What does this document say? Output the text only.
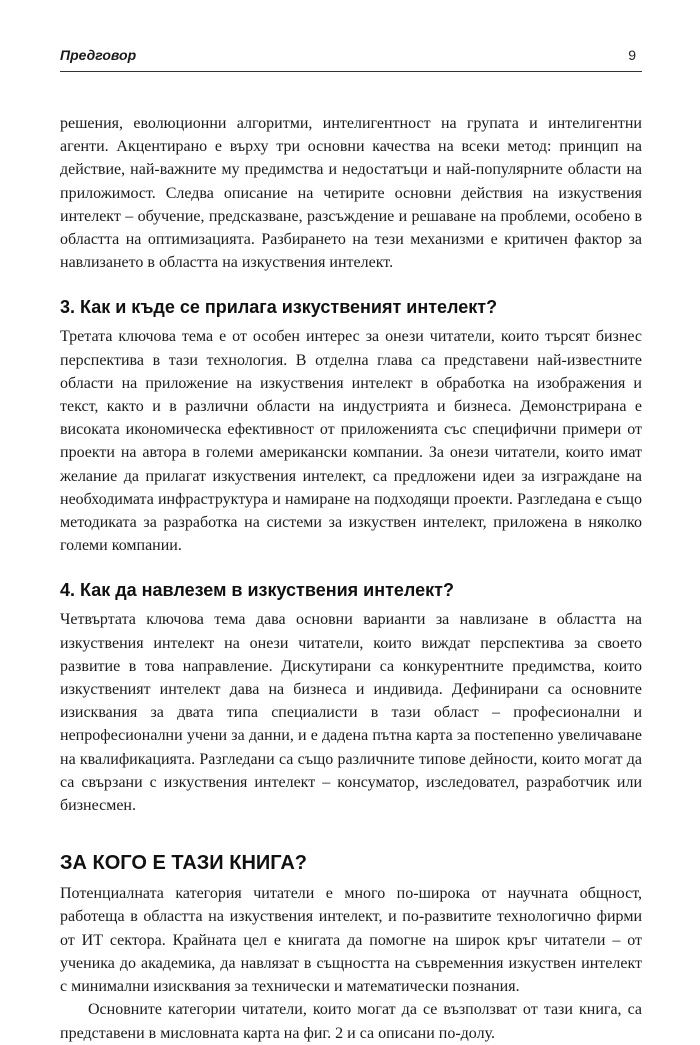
Предговор	9

решения, еволюционни алгоритми, интелигентност на групата и интелигентни агенти. Акцентирано е върху три основни качества на всеки метод: принцип на действие, най-важните му предимства и недостатъци и най-популярните области на приложимост. Следва описание на четирите основни действия на изкуствения интелект – обучение, предсказване, разсъждение и решаване на проблеми, особено в областта на оптимизацията. Разбирането на тези механизми е критичен фактор за навлизането в областта на изкуствения интелект.

3. Как и къде се прилага изкуственият интелект?

Третата ключова тема е от особен интерес за онези читатели, които търсят бизнес перспектива в тази технология. В отделна глава са представени най-известните области на приложение на изкуствения интелект в обработка на изображения и текст, както и в различни области на индустрията и бизнеса. Демонстрирана е високата икономическа ефективност от приложенията със специфични примери от проекти на автора в големи американски компании. За онези читатели, които имат желание да прилагат изкуствения интелект, са предложени идеи за изграждане на необходимата инфраструктура и намиране на подходящи проекти. Разгледана е също методиката за разработка на системи за изкуствен интелект, приложена в няколко големи компании.

4. Как да навлезем в изкуствения интелект?

Четвъртата ключова тема дава основни варианти за навлизане в областта на изкуствения интелект на онези читатели, които виждат перспектива за своето развитие в това направление. Дискутирани са конкурентните предимства, които изкуственият интелект дава на бизнеса и индивида. Дефинирани са основните изисквания за двата типа специалисти в тази област – професионални и непрофесионални учени за данни, и е дадена пътна карта за постепенно увеличаване на квалификацията. Разгледани са също различните типове дейности, които могат да са свързани с изкуствения интелект – консуматор, изследовател, разработчик или бизнесмен.

ЗА КОГО Е ТАЗИ КНИГА?

Потенциалната категория читатели е много по-широка от научната общност, работеща в областта на изкуствения интелект, и по-развитите технологично фирми от ИТ сектора. Крайната цел е книгата да помогне на широк кръг читатели – от ученика до академика, да навлязат в същността на съвременния изкуствен интелект с минимални изисквания за технически и математически познания.

Основните категории читатели, които могат да се възползват от тази книга, са представени в мисловната карта на фиг. 2 и са описани по-долу.
